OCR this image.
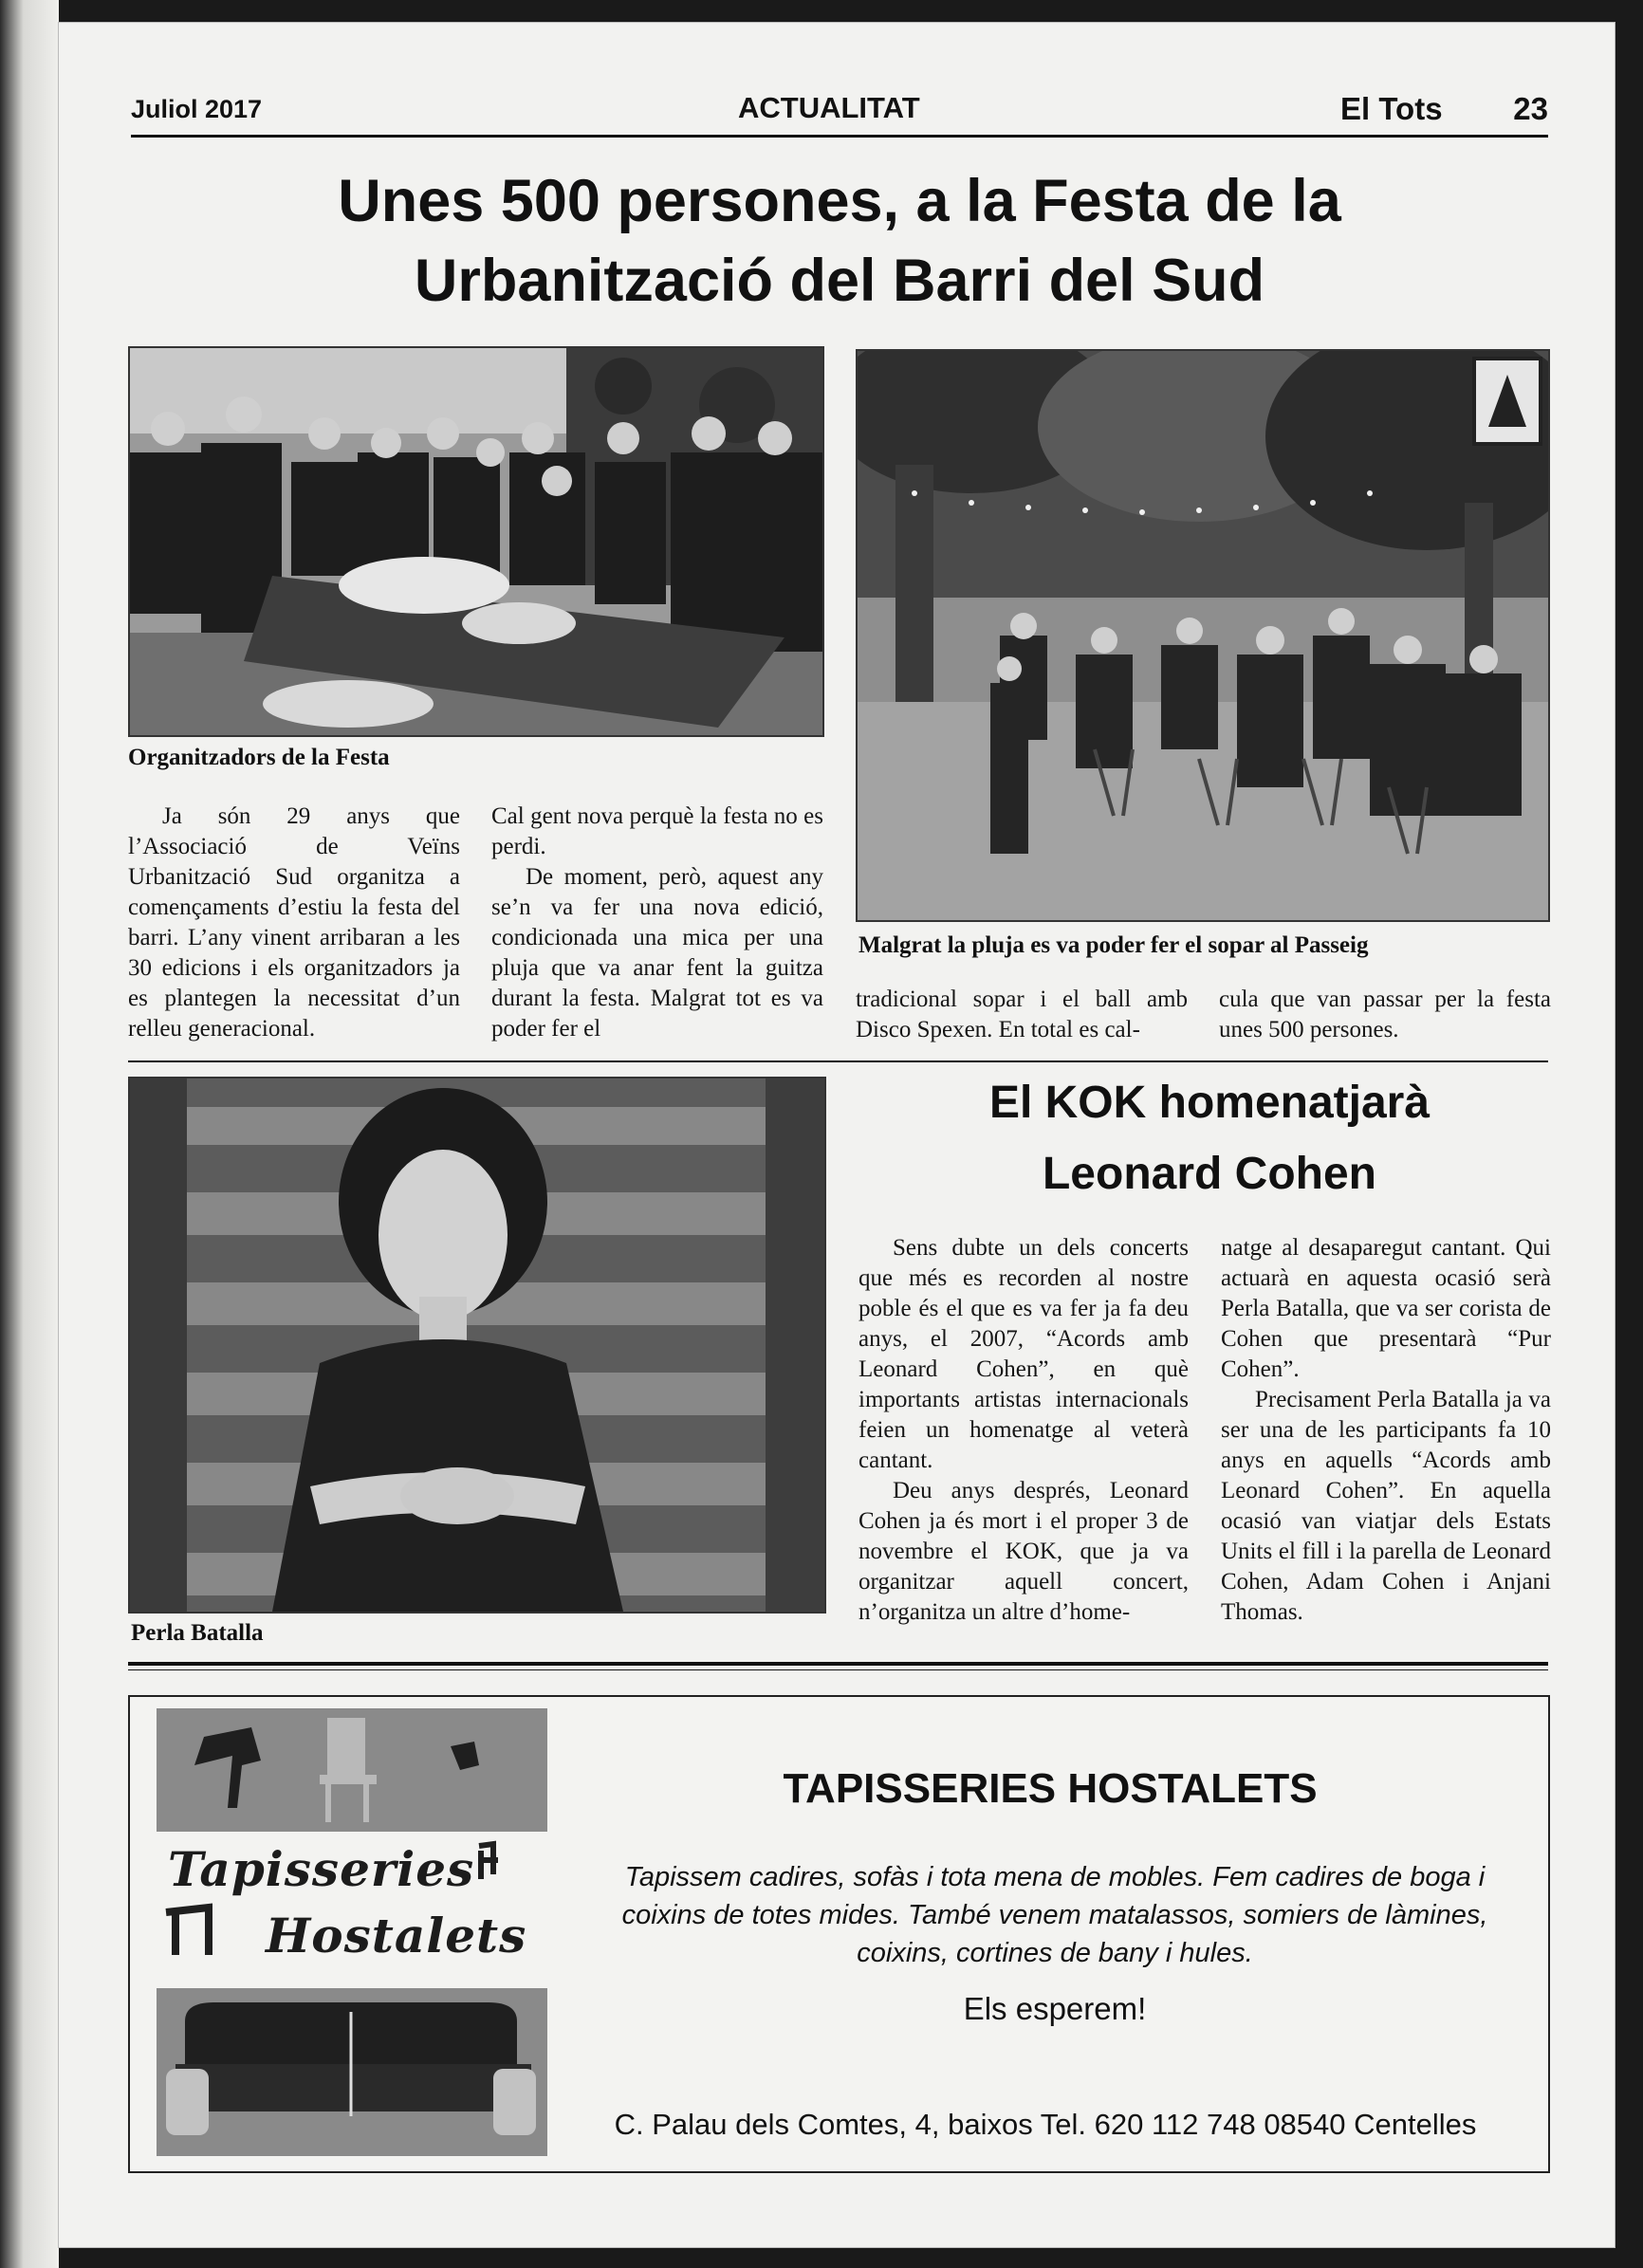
Juliol 2017	ACTUALITAT	El Tots 23
Unes 500 persones, a la Festa de la
Urbanització del Barri del Sud
Organitzadors de la Festa
Malgrat la pluja es va poder fer el sopar al Passeig

Ja són 29 anys que l’Associació de Veïns Urbanització Sud organitza a començaments d’estiu la festa del barri. L’any vinent arribaran a les 30 edicions i els organitzadors ja es plantegen la necessitat d’un relleu generacional.

Cal gent nova perquè la festa no es perdi.

De moment, però, aquest any se’n va fer una nova edició, condicionada una mica per una pluja que va anar fent la guitza durant la festa. Malgrat tot es va poder fer el

tradicional sopar i el ball amb Disco Spexen. En total es cal-

cula que van passar per la festa unes 500 persones.

Perla Batalla
El KOK homenatjarà
Leonard Cohen

Sens dubte un dels concerts que més es recorden al nostre poble és el que es va fer ja fa deu anys, el 2007, “Acords amb Leonard Cohen”, en què importants artistas internacionals feien un homenatge al veterà cantant.

Deu anys després, Leonard Cohen ja és mort i el proper 3 de novembre el KOK, que ja va organitzar aquell concert, n’organitza un altre d’home-

natge al desaparegut cantant. Qui actuarà en aquesta ocasió serà Perla Batalla, que va ser corista de Cohen que presentarà “Pur Cohen”.

Precisament Perla Batalla ja va ser una de les participants fa 10 anys en aquells “Acords amb Leonard Cohen”. En aquella ocasió van viatjar dels Estats Units el fill i la parella de Leonard Cohen, Adam Cohen i Anjani Thomas.

Tapisseries
Hostalets
TAPISSERIES HOSTALETS
Tapissem cadires, sofàs i tota mena de mobles. Fem cadires de boga i coixins de totes mides. També venem matalassos, somiers de làmines, coixins, cortines de bany i hules.
Els esperem!
C. Palau dels Comtes, 4, baixos Tel. 620 112 748 08540 Centelles
